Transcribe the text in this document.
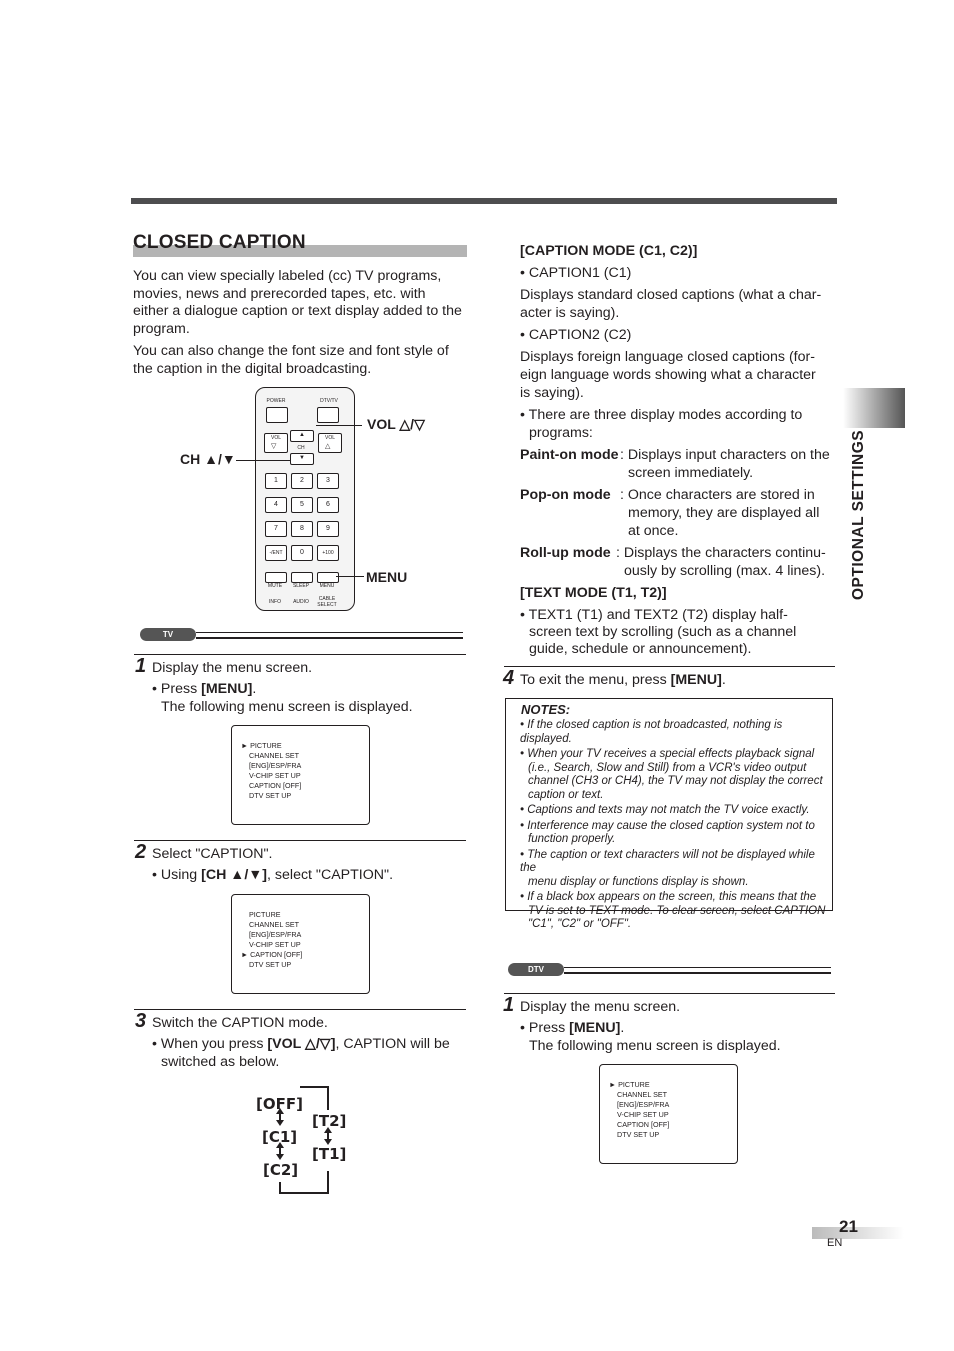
CLOSED CAPTION
You can view specially labeled (cc) TV programs, movies, news and prerecorded tapes, etc. with either a dialogue caption or text display added to the program.
You can also change the font size and font style of the caption in the digital broadcasting.
POWER	DTV/TV
VOL
▽
VOL
△
▲
CH
▼
1	2	3
4	5	6
7	8	9
-/ENT	0	+100
MUTE	SLEEP	MENU
INFO	AUDIO	CABLE SELECT
VOL △/▽
CH ▲/▼
MENU
TV
1 Display the menu screen.
• Press [MENU].
The following menu screen is displayed.
► PICTURE
CHANNEL SET
[ENG]/ESP/FRA
V-CHIP SET UP
CAPTION [OFF]
DTV SET UP
2 Select "CAPTION".
• Using [CH ▲/▼], select "CAPTION".
PICTURE
CHANNEL SET
[ENG]/ESP/FRA
V-CHIP SET UP
► CAPTION [OFF]
DTV SET UP
3 Switch the CAPTION mode.
• When you press [VOL △/▽], CAPTION will be
switched as below.
[OFF]
[C1]
[C2]
[T2]
[T1]
[CAPTION MODE (C1, C2)]
• CAPTION1 (C1)
Displays standard closed captions (what a char-
acter is saying).
• CAPTION2 (C2)
Displays foreign language closed captions (for-
eign language words showing what a character
is saying).
• There are three display modes according to
programs:
Paint-on mode : Displays input characters on the
screen immediately.
Pop-on mode : Once characters are stored in
memory, they are displayed all
at once.
Roll-up mode : Displays the characters continu-
ously by scrolling (max. 4 lines).
[TEXT MODE (T1, T2)]
• TEXT1 (T1) and TEXT2 (T2) display half-
screen text by scrolling (such as a channel
guide, schedule or announcement).
4 To exit the menu, press [MENU].
NOTES:
• If the closed caption is not broadcasted, nothing is displayed.
• When your TV receives a special effects playback signal
(i.e., Search, Slow and Still) from a VCR's video output
channel (CH3 or CH4), the TV may not display the correct
caption or text.
• Captions and texts may not match the TV voice exactly.
• Interference may cause the closed caption system not to
function properly.
• The caption or text characters will not be displayed while the
menu display or functions display is shown.
• If a black box appears on the screen, this means that the
TV is set to TEXT mode. To clear screen, select CAPTION
"C1", "C2" or "OFF".
DTV
1 Display the menu screen.
• Press [MENU].
The following menu screen is displayed.
► PICTURE
CHANNEL SET
[ENG]/ESP/FRA
V-CHIP SET UP
CAPTION [OFF]
DTV SET UP
OPTIONAL SETTINGS
21
EN
